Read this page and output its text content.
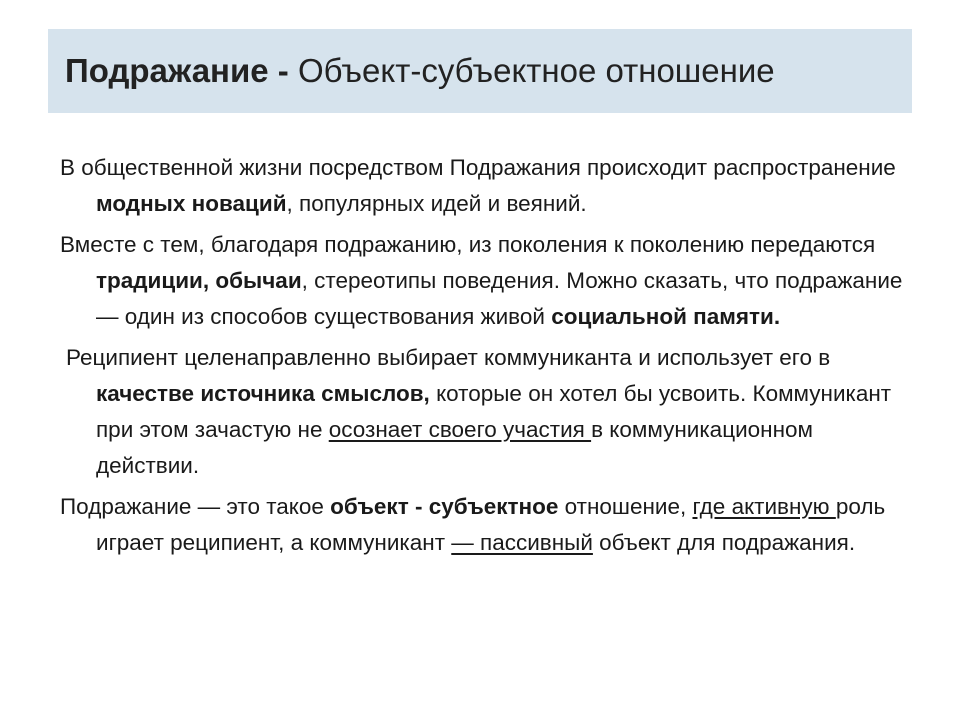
Подражание - Объект-субъектное отношение

В общественной жизни посредством Подражания происходит распространение модных новаций, популярных идей и веяний.

Вместе с тем, благодаря подражанию, из поколения к поколению передаются традиции, обычаи, стереотипы поведения. Можно сказать, что подражание — один из способов существования живой социальной памяти.

Реципиент целенаправленно выбирает коммуниканта и использует его в качестве источника смыслов, которые он хотел бы усвоить. Коммуникант при этом зачастую не осознает своего участия в коммуникационном действии.

Подражание — это такое объект - субъектное отношение, где активную роль играет реципиент, а коммуникант — пассивный объект для подражания.
